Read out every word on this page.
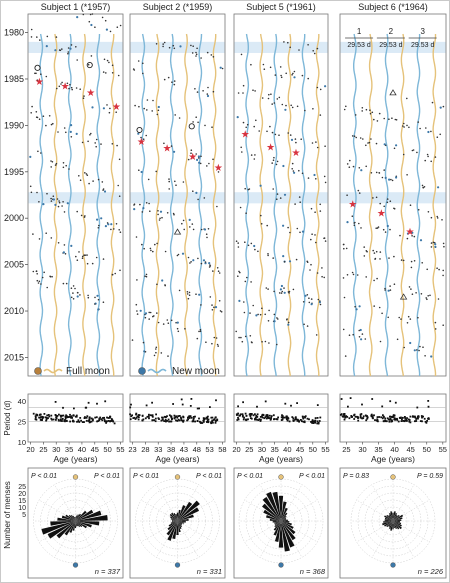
Subject 1 (*1957)
★ ★
★
★
Subject 2 (*1959)
★
★
★
★
Subject 5 (*1961)
★
★
★
Subject 6 (*1964)
★
★
★
1980
1985
1990
1995
2000
2005
2010
2015
1
29.53 d
2
29.53 d
3
29.53 d
Full moon	New moon
Period (d)
20 25 30 35 40 45 50 55
Age (years)
10
25
40
23 28 33 38 43 48 53 58
Age (years)
20 25 30 35 40 45 50 55
Age (years)
25 30 35 40 45 50 55
Age (years)
Number of menses
P < 0.01	P < 0.01
n = 337
5
10
15
20
25
P < 0.01	P < 0.01
n = 331
P < 0.01	P < 0.01
n = 368
P = 0.83	P = 0.59
n = 226
